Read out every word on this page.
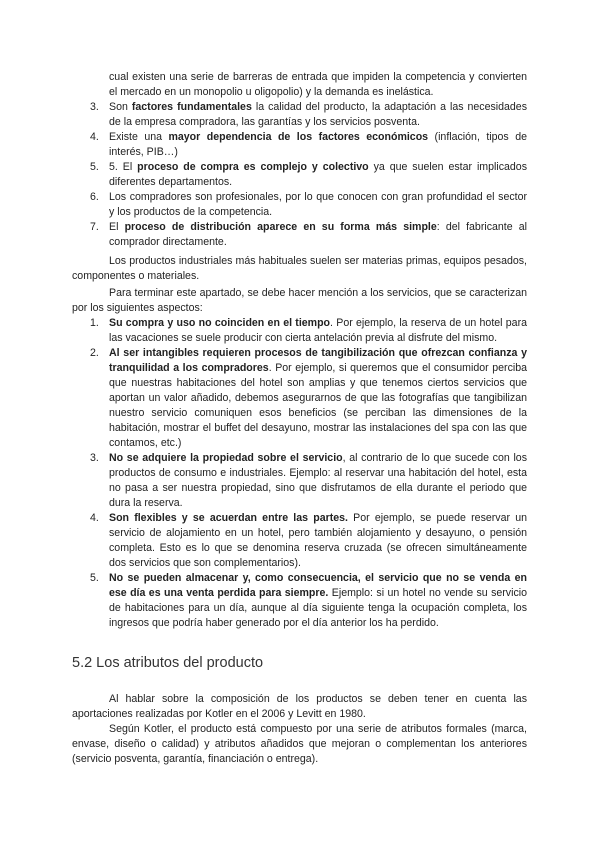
cual existen una serie de barreras de entrada que impiden la competencia y convierten el mercado en un monopolio u oligopolio) y la demanda es inelástica.

3. Son factores fundamentales la calidad del producto, la adaptación a las necesidades de la empresa compradora, las garantías y los servicios posventa.
4. Existe una mayor dependencia de los factores económicos (inflación, tipos de interés, PIB…)
5. 5. El proceso de compra es complejo y colectivo ya que suelen estar implicados diferentes departamentos.
6. Los compradores son profesionales, por lo que conocen con gran profundidad el sector y los productos de la competencia.
7. El proceso de distribución aparece en su forma más simple: del fabricante al comprador directamente.

Los productos industriales más habituales suelen ser materias primas, equipos pesados, componentes o materiales.

Para terminar este apartado, se debe hacer mención a los servicios, que se caracterizan por los siguientes aspectos:

1. Su compra y uso no coinciden en el tiempo. Por ejemplo, la reserva de un hotel para las vacaciones se suele producir con cierta antelación previa al disfrute del mismo.
2. Al ser intangibles requieren procesos de tangibilización que ofrezcan confianza y tranquilidad a los compradores. Por ejemplo, si queremos que el consumidor perciba que nuestras habitaciones del hotel son amplias y que tenemos ciertos servicios que aportan un valor añadido, debemos asegurarnos de que las fotografías que tangibilizan nuestro servicio comuniquen esos beneficios (se perciban las dimensiones de la habitación, mostrar el buffet del desayuno, mostrar las instalaciones del spa con las que contamos, etc.)
3. No se adquiere la propiedad sobre el servicio, al contrario de lo que sucede con los productos de consumo e industriales. Ejemplo: al reservar una habitación del hotel, esta no pasa a ser nuestra propiedad, sino que disfrutamos de ella durante el periodo que dura la reserva.
4. Son flexibles y se acuerdan entre las partes. Por ejemplo, se puede reservar un servicio de alojamiento en un hotel, pero también alojamiento y desayuno, o pensión completa. Esto es lo que se denomina reserva cruzada (se ofrecen simultáneamente dos servicios que son complementarios).
5. No se pueden almacenar y, como consecuencia, el servicio que no se venda en ese día es una venta perdida para siempre. Ejemplo: si un hotel no vende su servicio de habitaciones para un día, aunque al día siguiente tenga la ocupación completa, los ingresos que podría haber generado por el día anterior los ha perdido.
5.2 Los atributos del producto

Al hablar sobre la composición de los productos se deben tener en cuenta las aportaciones realizadas por Kotler en el 2006 y Levitt en 1980.

Según Kotler, el producto está compuesto por una serie de atributos formales (marca, envase, diseño o calidad) y atributos añadidos que mejoran o complementan los anteriores (servicio posventa, garantía, financiación o entrega).
